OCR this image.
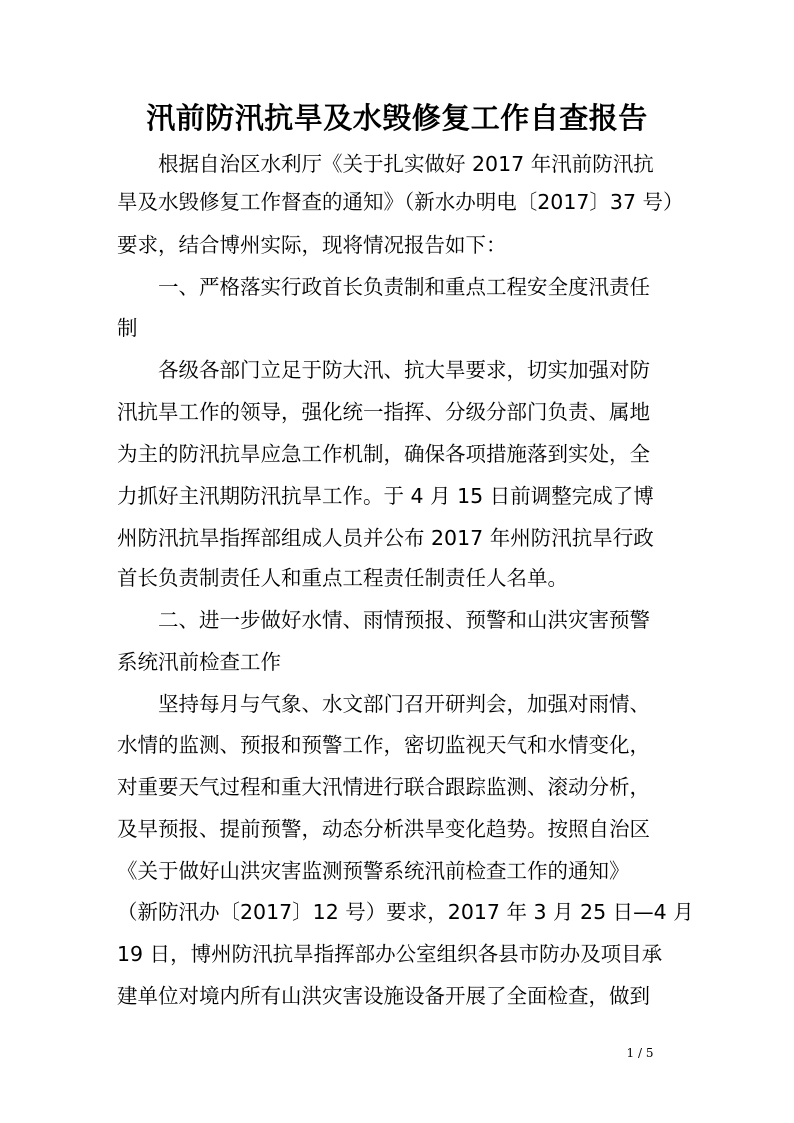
汛前防汛抗旱及水毁修复工作自查报告
根据自治区水利厅《关于扎实做好 2017 年汛前防汛抗
旱及水毁修复工作督查的通知》（新水办明电〔2017〕37 号）
要求，结合博州实际，现将情况报告如下：
一、严格落实行政首长负责制和重点工程安全度汛责任
制
各级各部门立足于防大汛、抗大旱要求，切实加强对防
汛抗旱工作的领导，强化统一指挥、分级分部门负责、属地
为主的防汛抗旱应急工作机制，确保各项措施落到实处，全
力抓好主汛期防汛抗旱工作。于 4 月 15 日前调整完成了博
州防汛抗旱指挥部组成人员并公布 2017 年州防汛抗旱行政
首长负责制责任人和重点工程责任制责任人名单。
二、进一步做好水情、雨情预报、预警和山洪灾害预警
系统汛前检查工作
坚持每月与气象、水文部门召开研判会，加强对雨情、
水情的监测、预报和预警工作，密切监视天气和水情变化，
对重要天气过程和重大汛情进行联合跟踪监测、滚动分析，
及早预报、提前预警，动态分析洪旱变化趋势。按照自治区
《关于做好山洪灾害监测预警系统汛前检查工作的通知》
（新防汛办〔2017〕12 号）要求，2017 年 3 月 25 日—4 月
19 日，博州防汛抗旱指挥部办公室组织各县市防办及项目承
建单位对境内所有山洪灾害设施设备开展了全面检查，做到
1 / 5
